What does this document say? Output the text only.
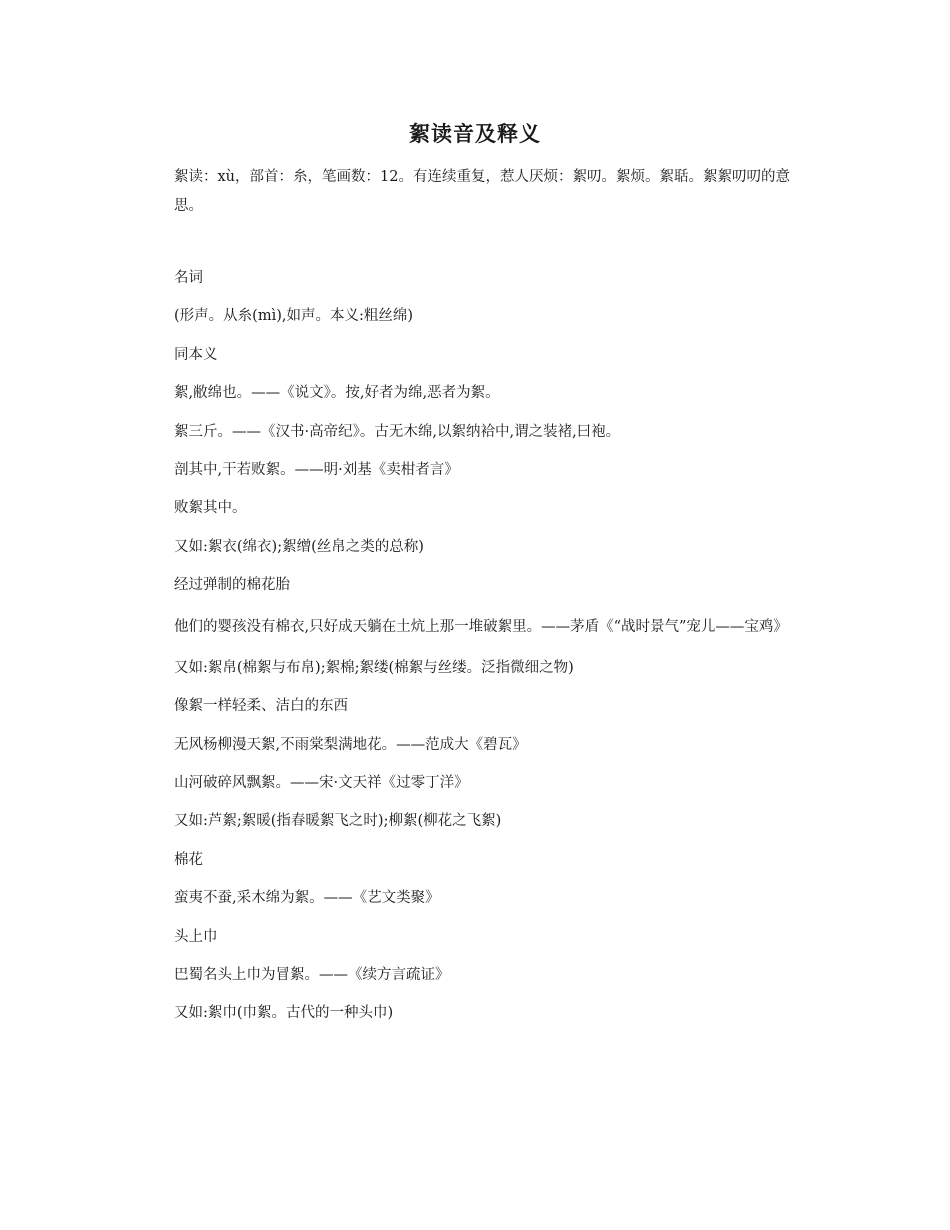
絮读音及释义
絮读：xù，部首：糸，笔画数：12。有连续重复，惹人厌烦：絮叨。絮烦。絮聒。絮絮叨叨的意思。
名词
(形声。从糸(mì),如声。本义:粗丝绵)
同本义
絮,敝绵也。——《说文》。按,好者为绵,恶者为絮。
絮三斤。——《汉书·高帝纪》。古无木绵,以絮纳袷中,谓之装褚,曰袍。
剖其中,干若败絮。——明·刘基《卖柑者言》
败絮其中。
又如:絮衣(绵衣);絮缯(丝帛之类的总称)
经过弹制的棉花胎
他们的婴孩没有棉衣,只好成天躺在土炕上那一堆破絮里。——茅盾《“战时景气”宠儿——宝鸡》
又如:絮帛(棉絮与布帛);絮棉;絮缕(棉絮与丝缕。泛指微细之物)
像絮一样轻柔、洁白的东西
无风杨柳漫天絮,不雨棠梨满地花。——范成大《碧瓦》
山河破碎风飘絮。——宋·文天祥《过零丁洋》
又如:芦絮;絮暖(指春暖絮飞之时);柳絮(柳花之飞絮)
棉花
蛮夷不蚕,采木绵为絮。——《艺文类聚》
头上巾
巴蜀名头上巾为冒絮。——《续方言疏证》
又如:絮巾(巾絮。古代的一种头巾)
